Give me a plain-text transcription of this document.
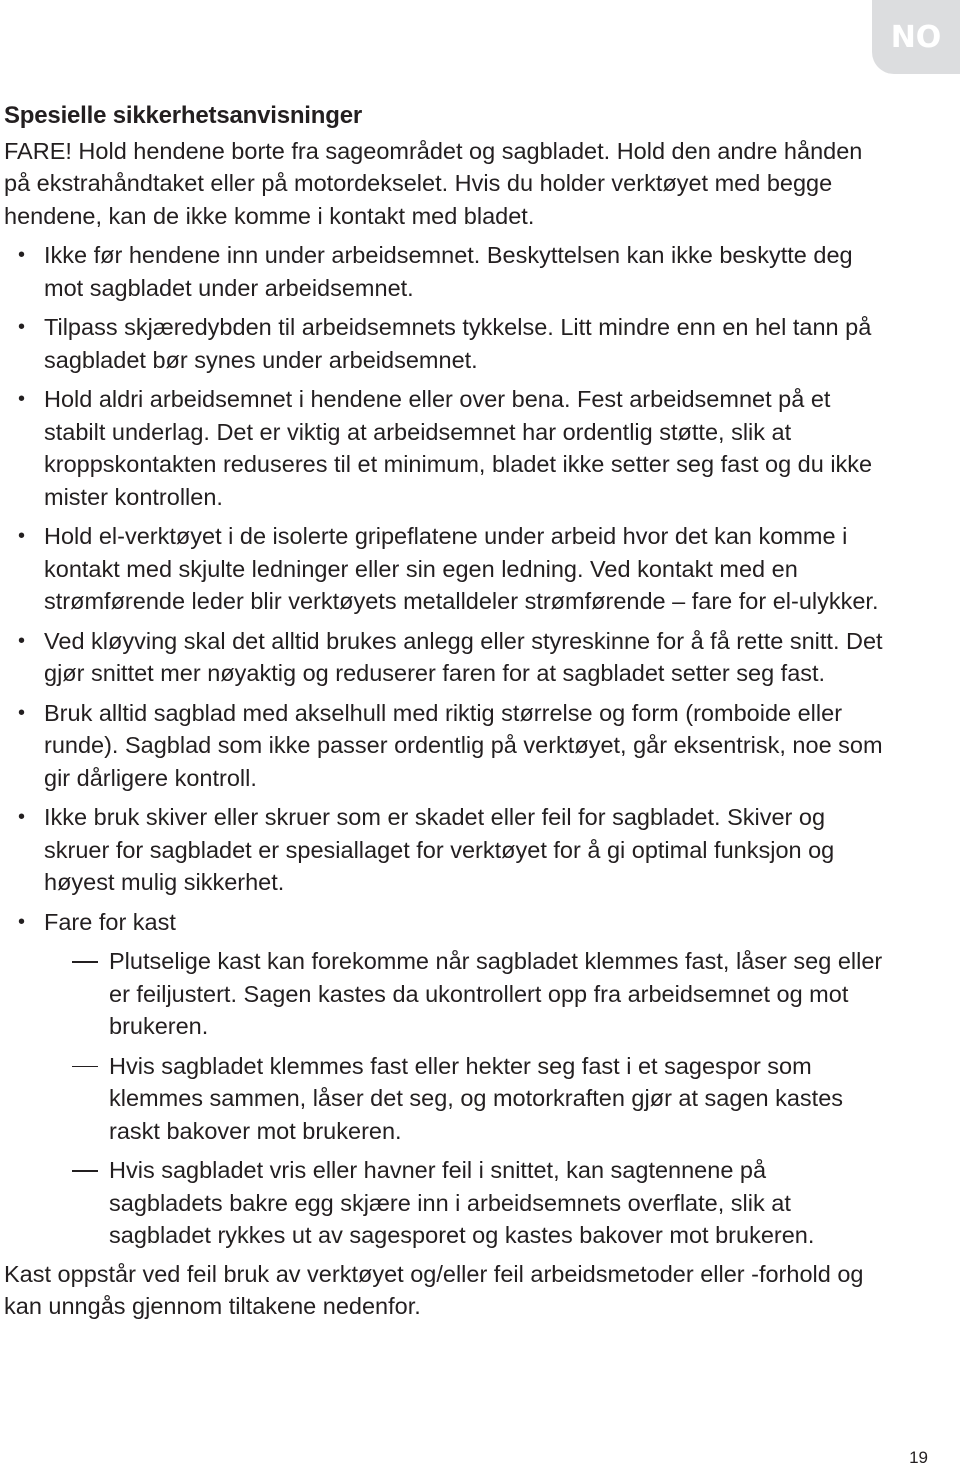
NO
Spesielle sikkerhetsanvisninger

FARE! Hold hendene borte fra sageområdet og sagbladet. Hold den andre hånden på ekstrahåndtaket eller på motordekselet. Hvis du holder verktøyet med begge hendene, kan de ikke komme i kontakt med bladet.

• Ikke før hendene inn under arbeidsemnet. Beskyttelsen kan ikke beskytte deg mot sagbladet under arbeidsemnet.
• Tilpass skjæredybden til arbeidsemnets tykkelse. Litt mindre enn en hel tann på sagbladet bør synes under arbeidsemnet.
• Hold aldri arbeidsemnet i hendene eller over bena. Fest arbeidsemnet på et stabilt underlag. Det er viktig at arbeidsemnet har ordentlig støtte, slik at kroppskontakten reduseres til et minimum, bladet ikke setter seg fast og du ikke mister kontrollen.
• Hold el-verktøyet i de isolerte gripeflatene under arbeid hvor det kan komme i kontakt med skjulte ledninger eller sin egen ledning. Ved kontakt med en strømførende leder blir verktøyets metalldeler strømførende – fare for el-ulykker.
• Ved kløyving skal det alltid brukes anlegg eller styreskinne for å få rette snitt. Det gjør snittet mer nøyaktig og reduserer faren for at sagbladet setter seg fast.
• Bruk alltid sagblad med akselhull med riktig størrelse og form (romboide eller runde). Sagblad som ikke passer ordentlig på verktøyet, går eksentrisk, noe som gir dårligere kontroll.
• Ikke bruk skiver eller skruer som er skadet eller feil for sagbladet. Skiver og skruer for sagbladet er spesiallaget for verktøyet for å gi optimal funksjon og høyest mulig sikkerhet.
• Fare for kast
Plutselige kast kan forekomme når sagbladet klemmes fast, låser seg eller er feiljustert. Sagen kastes da ukontrollert opp fra arbeidsemnet og mot brukeren.
Hvis sagbladet klemmes fast eller hekter seg fast i et sagespor som klemmes sammen, låser det seg, og motorkraften gjør at sagen kastes raskt bakover mot brukeren.
Hvis sagbladet vris eller havner feil i snittet, kan sagtennene på sagbladets bakre egg skjære inn i arbeidsemnets overflate, slik at sagbladet rykkes ut av sagesporet og kastes bakover mot brukeren.

Kast oppstår ved feil bruk av verktøyet og/eller feil arbeidsmetoder eller -forhold og kan unngås gjennom tiltakene nedenfor.

19
